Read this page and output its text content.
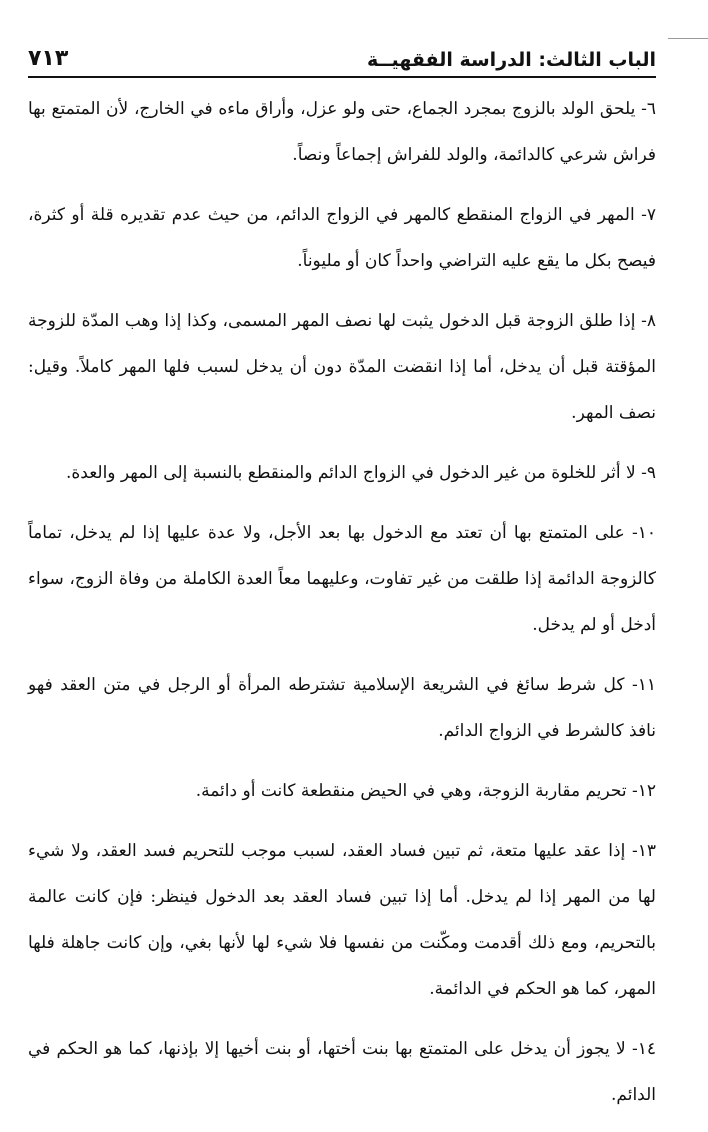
الباب الثالث: الدراسة الفقهيــة
٧١٣

٦- يلحق الولد بالزوج بمجرد الجماع، حتى ولو عزل، وأراق ماءه في الخارج، لأن المتمتع بها فراش شرعي كالدائمة، والولد للفراش إجماعاً ونصاً.

٧- المهر في الزواج المنقطع كالمهر في الزواج الدائم، من حيث عدم تقديره قلة أو كثرة، فيصح بكل ما يقع عليه التراضي واحداً كان أو مليوناً.

٨- إذا طلق الزوجة قبل الدخول يثبت لها نصف المهر المسمى، وكذا إذا وهب المدّة للزوجة المؤقتة قبل أن يدخل، أما إذا انقضت المدّة دون أن يدخل لسبب فلها المهر كاملاً. وقيل: نصف المهر.

٩- لا أثر للخلوة من غير الدخول في الزواج الدائم والمنقطع بالنسبة إلى المهر والعدة.

١٠- على المتمتع بها أن تعتد مع الدخول بها بعد الأجل، ولا عدة عليها إذا لم يدخل، تماماً كالزوجة الدائمة إذا طلقت من غير تفاوت، وعليهما معاً العدة الكاملة من وفاة الزوج، سواء أدخل أو لم يدخل.

١١- كل شرط سائغ في الشريعة الإسلامية تشترطه المرأة أو الرجل في متن العقد فهو نافذ كالشرط في الزواج الدائم.

١٢- تحريم مقاربة الزوجة، وهي في الحيض منقطعة كانت أو دائمة.

١٣- إذا عقد عليها متعة، ثم تبين فساد العقد، لسبب موجب للتحريم فسد العقد، ولا شيء لها من المهر إذا لم يدخل. أما إذا تبين فساد العقد بعد الدخول فينظر: فإن كانت عالمة بالتحريم، ومع ذلك أقدمت ومكّنت من نفسها فلا شيء لها لأنها بغي، وإن كانت جاهلة فلها المهر، كما هو الحكم في الدائمة.

١٤- لا يجوز أن يدخل على المتمتع بها بنت أختها، أو بنت أخيها إلا بإذنها، كما هو الحكم في الدائم.
